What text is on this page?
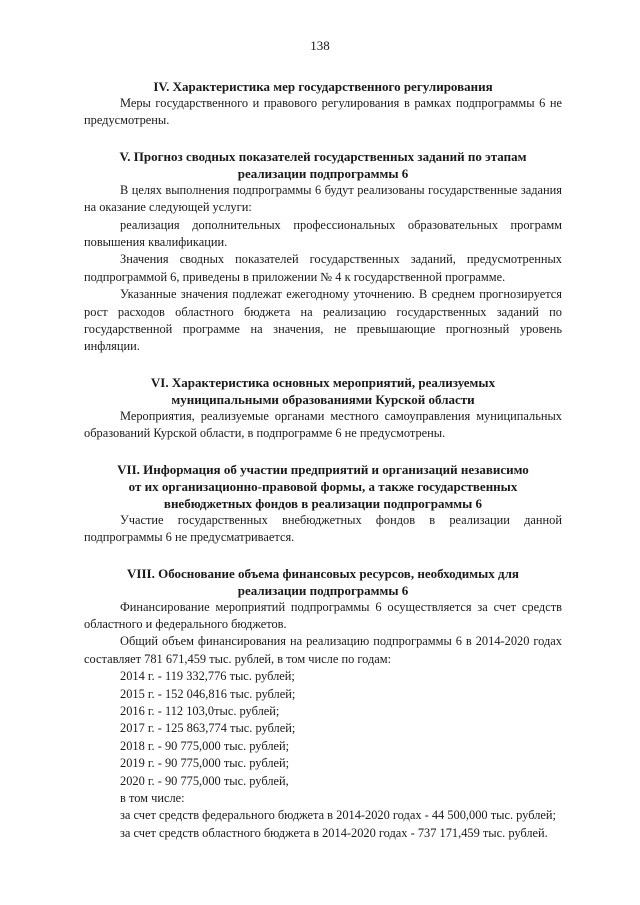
138
IV. Характеристика мер государственного регулирования

Меры государственного и правового регулирования в рамках подпрограммы 6 не предусмотрены.

V. Прогноз сводных показателей государственных заданий по этапам
реализации подпрограммы 6

В целях выполнения подпрограммы 6 будут реализованы государственные задания на оказание следующей услуги:

реализация дополнительных профессиональных образовательных программ повышения квалификации.

Значения сводных показателей государственных заданий, предусмотренных подпрограммой 6, приведены в приложении № 4 к государственной программе.

Указанные значения подлежат ежегодному уточнению. В среднем прогнозируется рост расходов областного бюджета на реализацию государственных заданий по государственной программе на значения, не превышающие прогнозный уровень инфляции.

VI. Характеристика основных мероприятий, реализуемых
муниципальными образованиями Курской области

Мероприятия, реализуемые органами местного самоуправления муниципальных образований Курской области, в подпрограмме 6 не предусмотрены.

VII. Информация об участии предприятий и организаций независимо
от их организационно-правовой формы, а также государственных
внебюджетных фондов в реализации подпрограммы 6

Участие государственных внебюджетных фондов в реализации данной подпрограммы 6 не предусматривается.

VIII. Обоснование объема финансовых ресурсов, необходимых для
реализации подпрограммы 6

Финансирование мероприятий подпрограммы 6 осуществляется за счет средств областного и федерального бюджетов.

Общий объем финансирования на реализацию подпрограммы 6 в 2014-2020 годах составляет 781 671,459 тыс. рублей, в том числе по годам:

2014 г. - 119 332,776 тыс. рублей;

2015 г. - 152 046,816 тыс. рублей;

2016 г. - 112 103,0тыс. рублей;

2017 г. - 125 863,774 тыс. рублей;

2018 г. - 90 775,000 тыс. рублей;

2019 г. - 90 775,000 тыс. рублей;

2020 г. - 90 775,000 тыс. рублей,

в том числе:

за счет средств федерального бюджета в 2014-2020 годах - 44 500,000 тыс. рублей;

за счет средств областного бюджета в 2014-2020 годах - 737 171,459 тыс. рублей.
